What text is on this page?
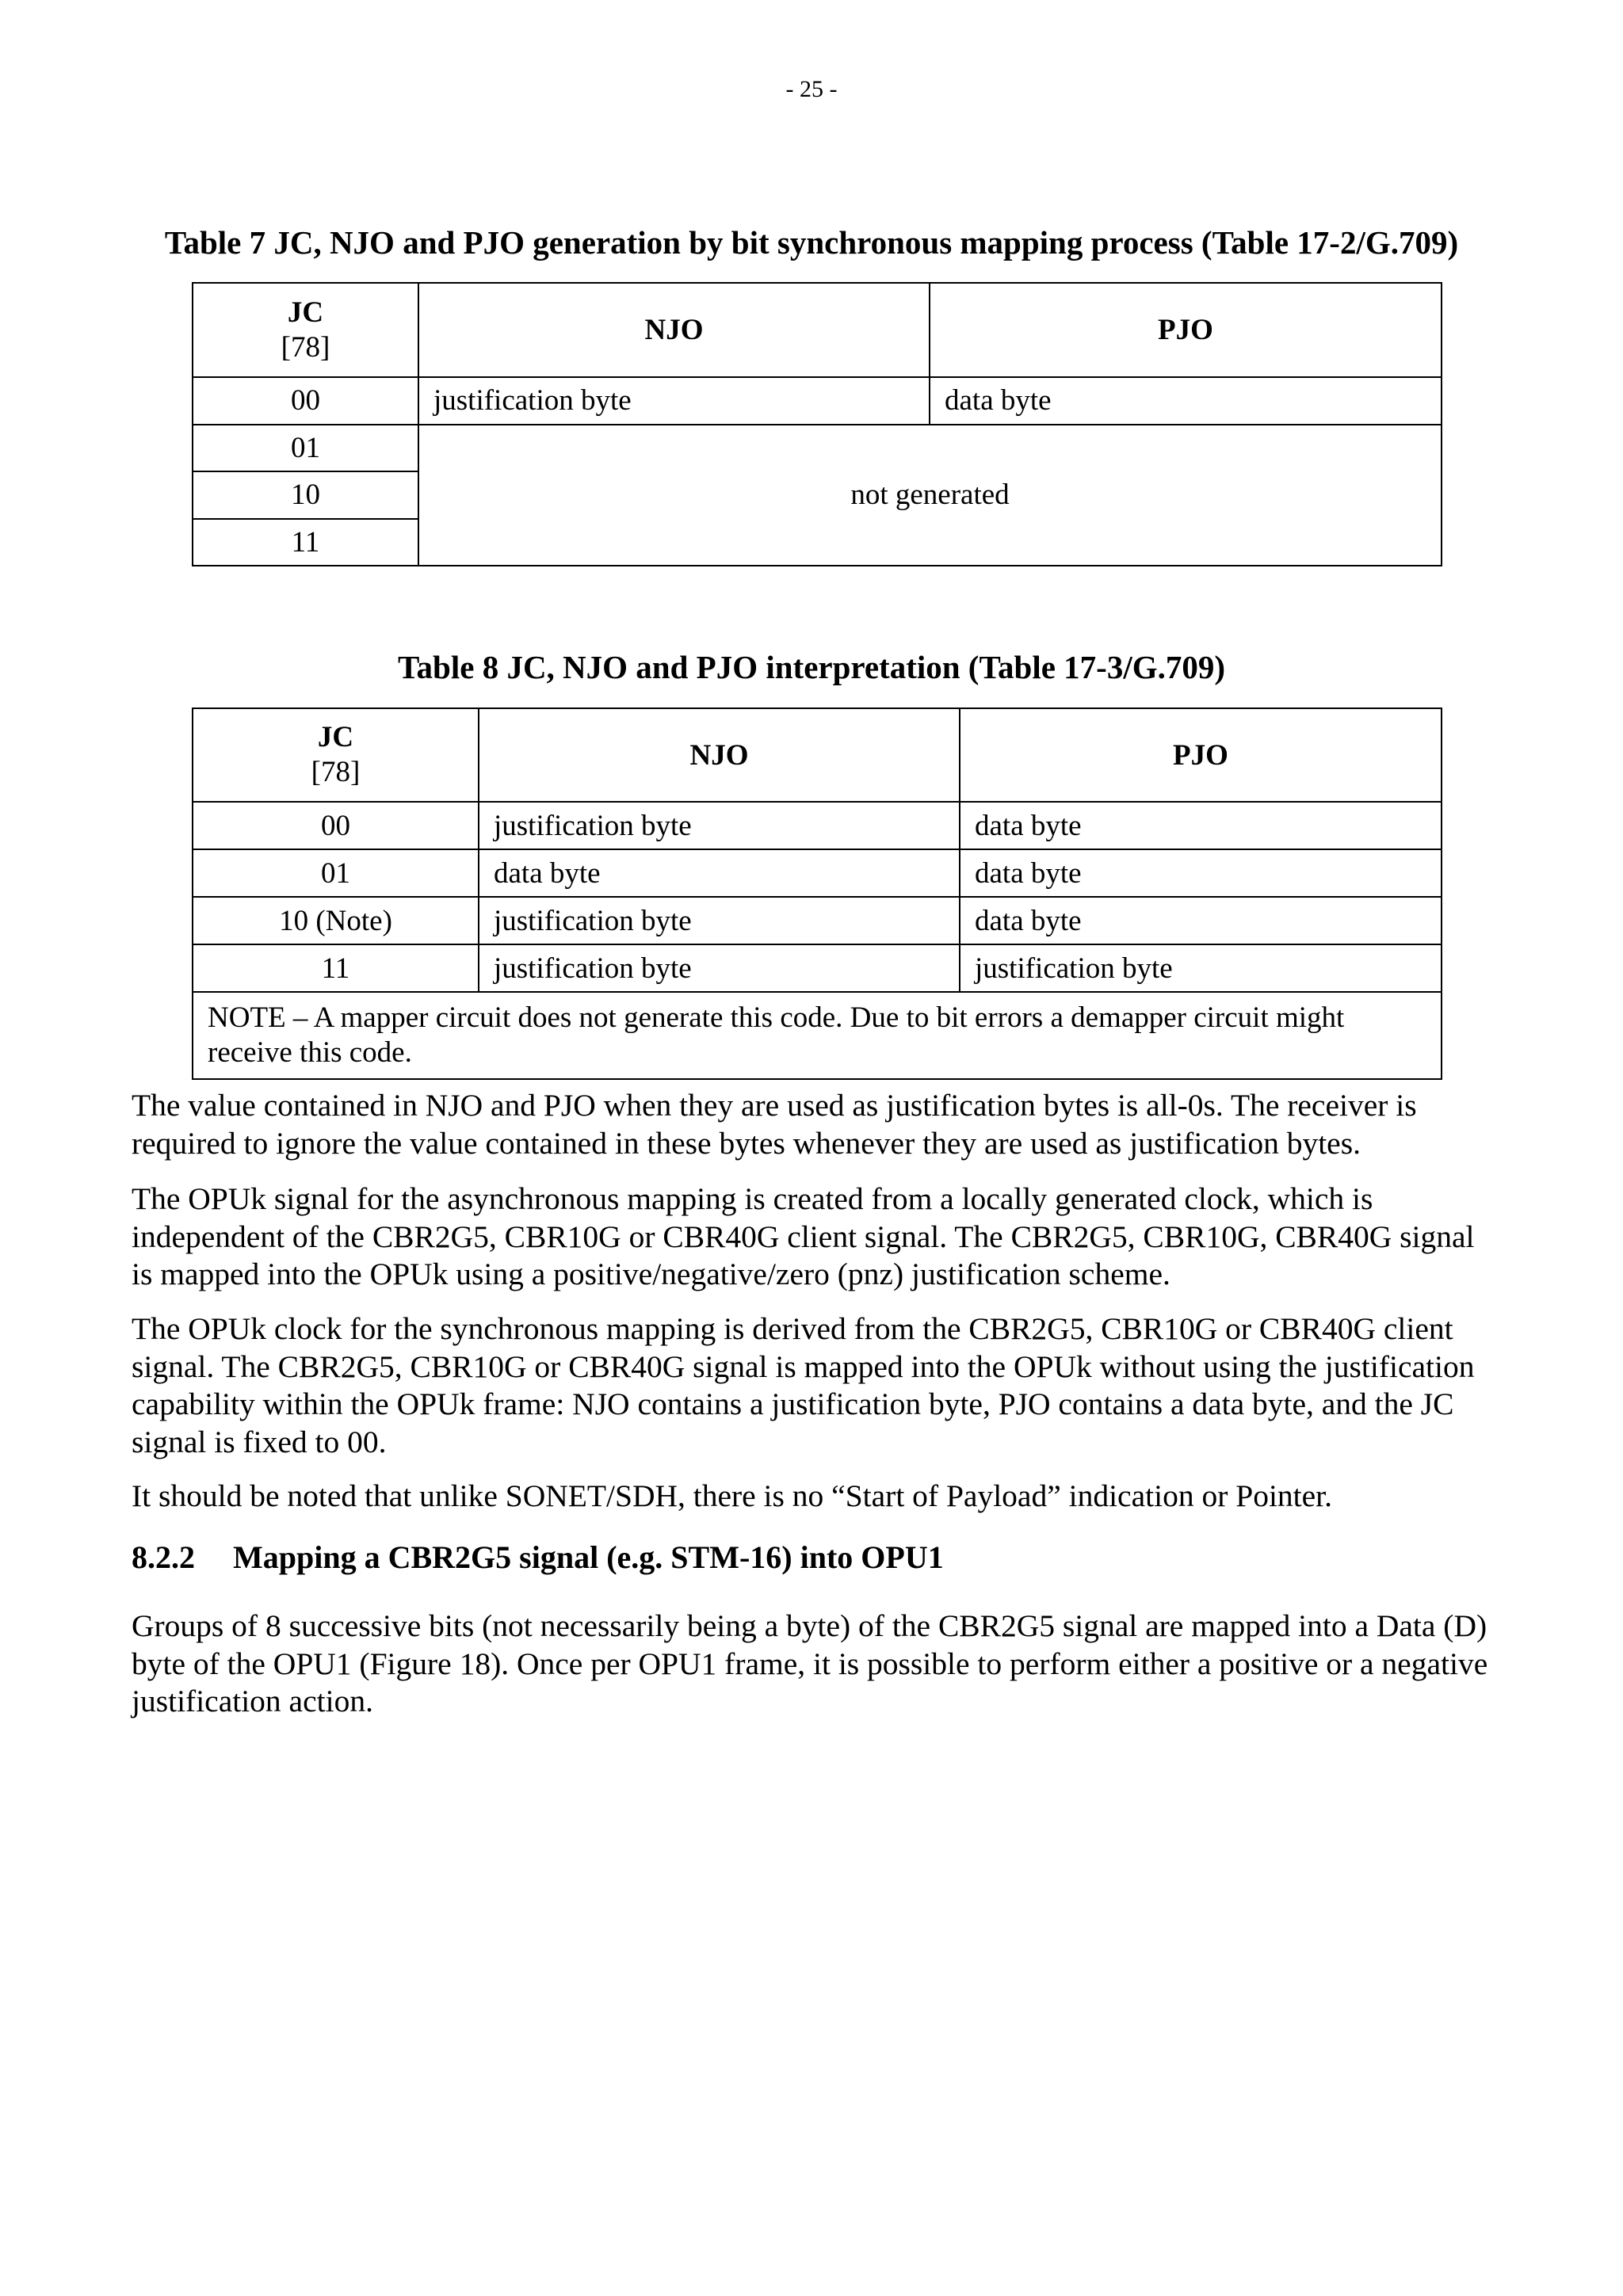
- 25 -
Table 7 JC, NJO and PJO generation by bit synchronous mapping process (Table 17-2/G.709)
JC
[78]	NJO	PJO
00	justification byte	data byte
01	not generated	
10		
11		
Table 8 JC, NJO and PJO interpretation (Table 17-3/G.709)
JC
[78]	NJO	PJO
00	justification byte	data byte
01	data byte	data byte
10 (Note)	justification byte	data byte
11	justification byte	justification byte
NOTE – A mapper circuit does not generate this code. Due to bit errors a demapper circuit might receive this code.		

The value contained in NJO and PJO when they are used as justification bytes is all-0s. The receiver is required to ignore the value contained in these bytes whenever they are used as justification bytes.

The OPUk signal for the asynchronous mapping is created from a locally generated clock, which is independent of the CBR2G5, CBR10G or CBR40G client signal. The CBR2G5, CBR10G, CBR40G signal is mapped into the OPUk using a positive/negative/zero (pnz) justification scheme.

The OPUk clock for the synchronous mapping is derived from the CBR2G5, CBR10G or CBR40G client signal. The CBR2G5, CBR10G or CBR40G signal is mapped into the OPUk without using the justification capability within the OPUk frame: NJO contains a justification byte, PJO contains a data byte, and the JC signal is fixed to 00.

It should be noted that unlike SONET/SDH, there is no “Start of Payload” indication or Pointer.

8.2.2 Mapping a CBR2G5 signal (e.g. STM-16) into OPU1

Groups of 8 successive bits (not necessarily being a byte) of the CBR2G5 signal are mapped into a Data (D) byte of the OPU1 (Figure 18). Once per OPU1 frame, it is possible to perform either a positive or a negative justification action.
